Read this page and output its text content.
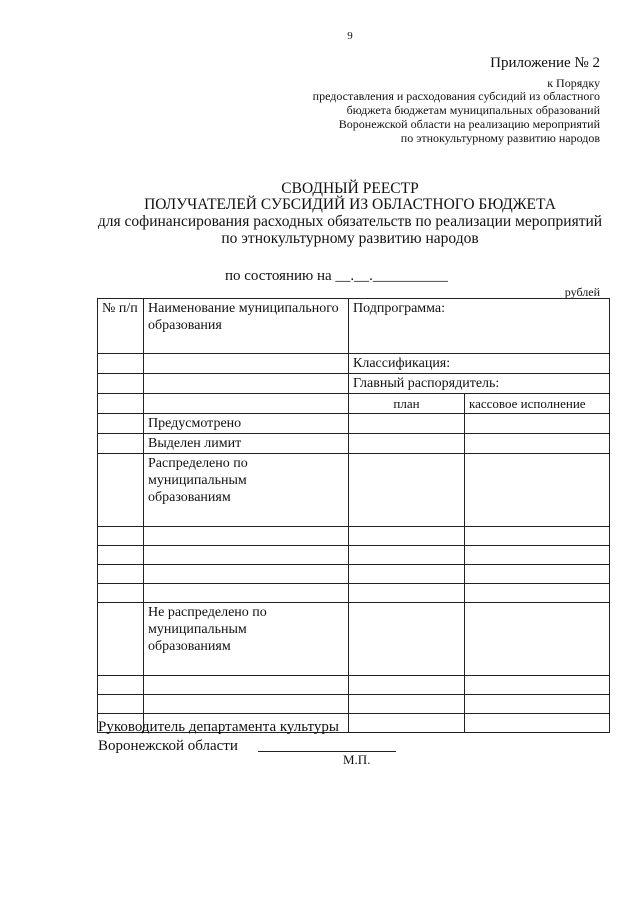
9
Приложение № 2
к Порядку
предоставления и расходования субсидий из областного
бюджета бюджетам муниципальных образований
Воронежской области на реализацию мероприятий
по этнокультурному развитию народов
СВОДНЫЙ РЕЕСТР
ПОЛУЧАТЕЛЕЙ СУБСИДИЙ ИЗ ОБЛАСТНОГО БЮДЖЕТА
для софинансирования расходных обязательств по реализации мероприятий
по этнокультурному развитию народов
по состоянию на __.__.__________
рублей
№ п/п	Наименование муниципального образования	Подпрограмма:	
		Классификация:	
		Главный распорядитель:	
		план	кассовое исполнение
	Предусмотрено		
	Выделен лимит		
	Распределено по муниципальным образованиям		

	Не распределено по муниципальным образованиям		

Руководитель департамента культуры Воронежской области
М.П.
